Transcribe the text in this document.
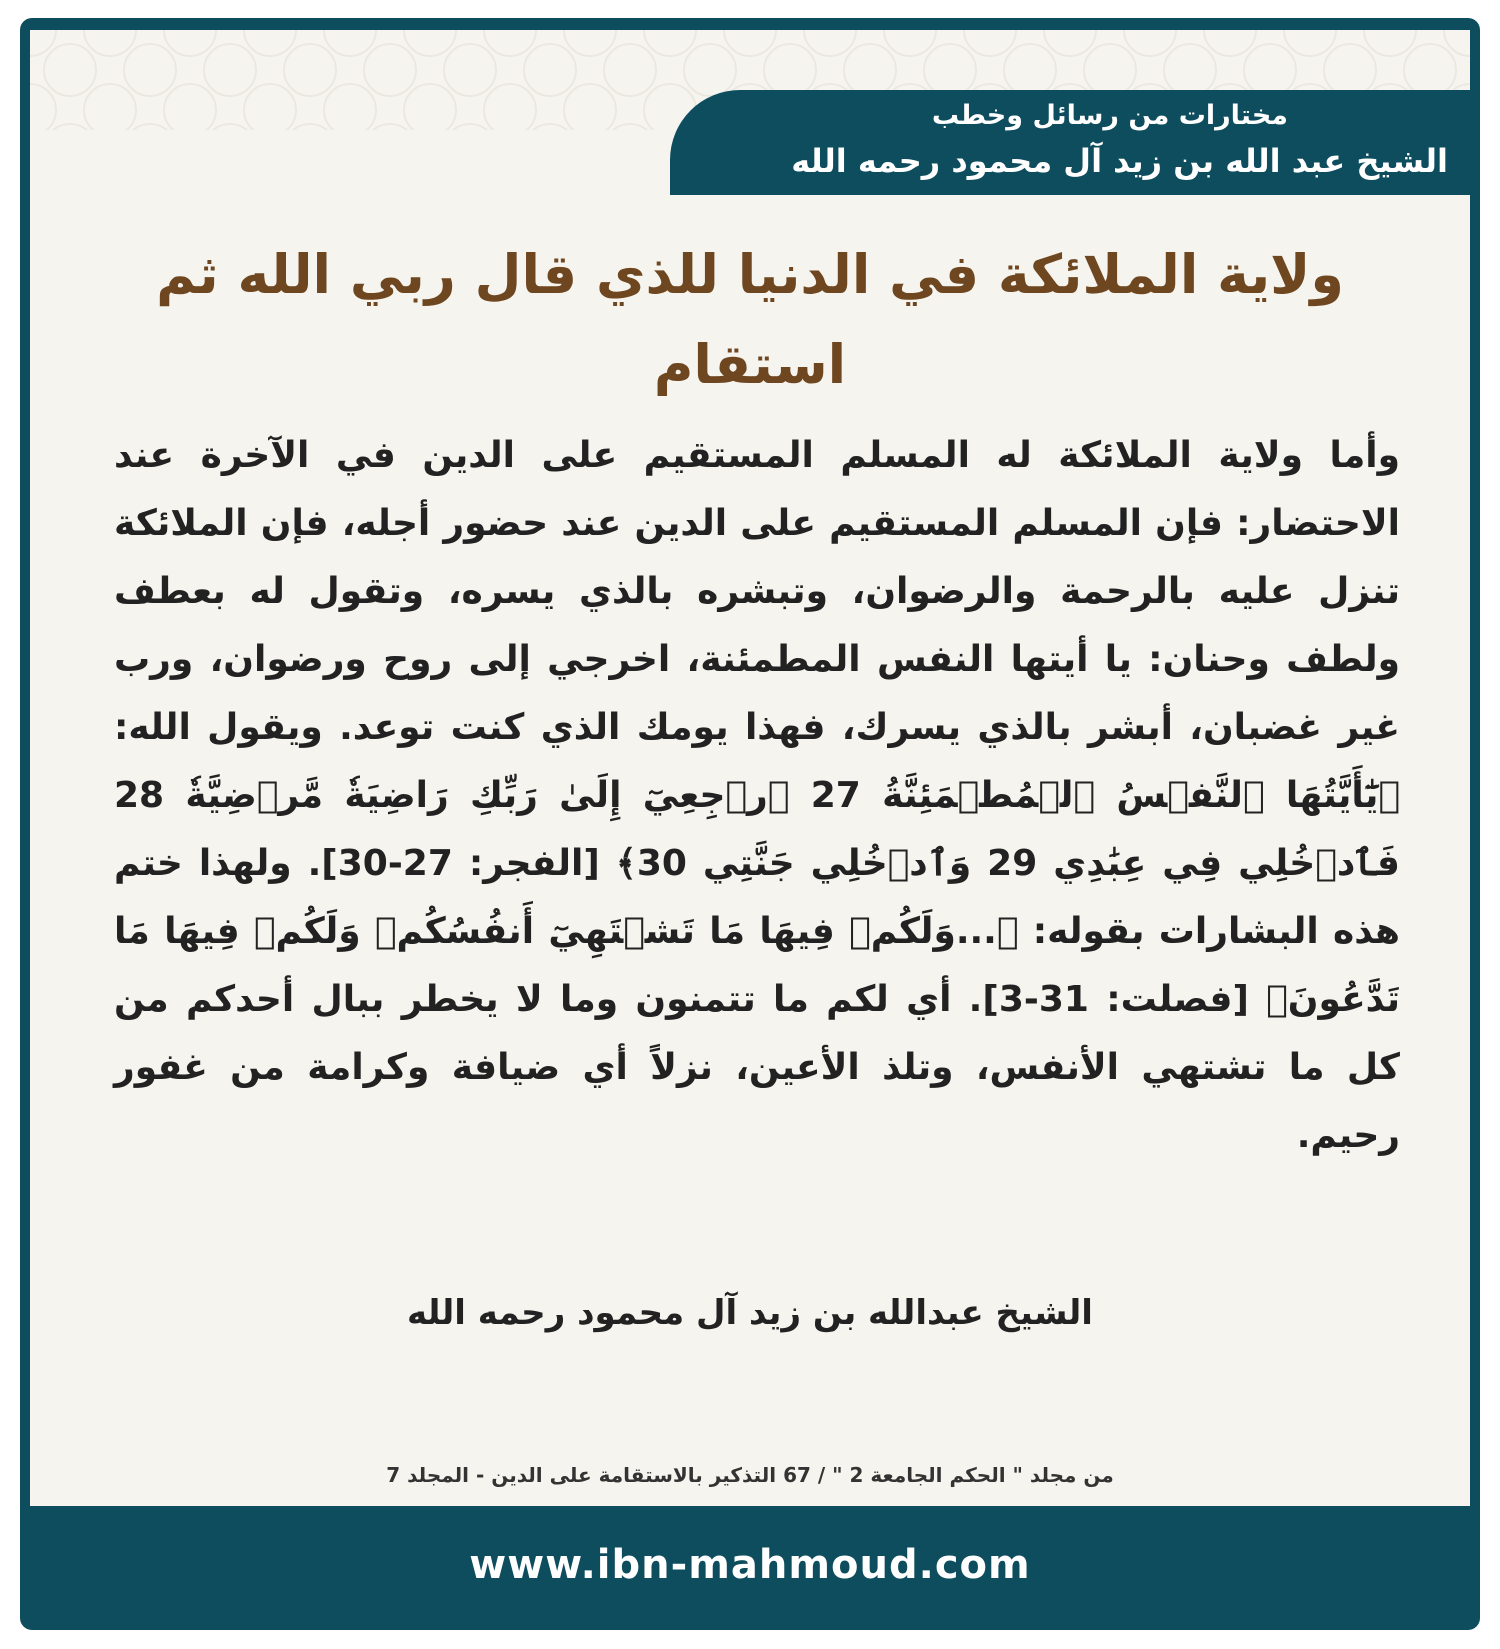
مختارات من رسائل وخطب
الشيخ عبد الله بن زيد آل محمود رحمه الله
ولاية الملائكة في الدنيا للذي قال ربي الله ثم استقام

وأما ولاية الملائكة له المسلم المستقيم على الدين في الآخرة عند الاحتضار: فإن المسلم المستقيم على الدين عند حضور أجله، فإن الملائكة تنزل عليه بالرحمة والرضوان، وتبشره بالذي يسره، وتقول له بعطف ولطف وحنان: يا أيتها النفس المطمئنة، اخرجي إلى روح ورضوان، ورب غير غضبان، أبشر بالذي يسرك، فهذا يومك الذي كنت توعد. ويقول الله: ﴿يَٰٓأَيَّتُهَا ٱلنَّفۡسُ ٱلۡمُطۡمَئِنَّةُ 27 ٱرۡجِعِيٓ إِلَىٰ رَبِّكِ رَاضِيَةٗ مَّرۡضِيَّةٗ 28 فَٱدۡخُلِي فِي عِبَٰدِي 29 وَٱدۡخُلِي جَنَّتِي 30﴾ [الفجر: 27-30]. ولهذا ختم هذه البشارات بقوله: ﴿...وَلَكُمۡ فِيهَا مَا تَشۡتَهِيٓ أَنفُسُكُمۡ وَلَكُمۡ فِيهَا مَا تَدَّعُونَ﴾ [فصلت: 31-3]. أي لكم ما تتمنون وما لا يخطر ببال أحدكم من كل ما تشتهي الأنفس، وتلذ الأعين، نزلاً أي ضيافة وكرامة من غفور رحيم.

الشيخ عبدالله بن زيد آل محمود رحمه الله
من مجلد " الحكم الجامعة 2 " / 67 التذكير بالاستقامة على الدين - المجلد 7
www.ibn-mahmoud.com
